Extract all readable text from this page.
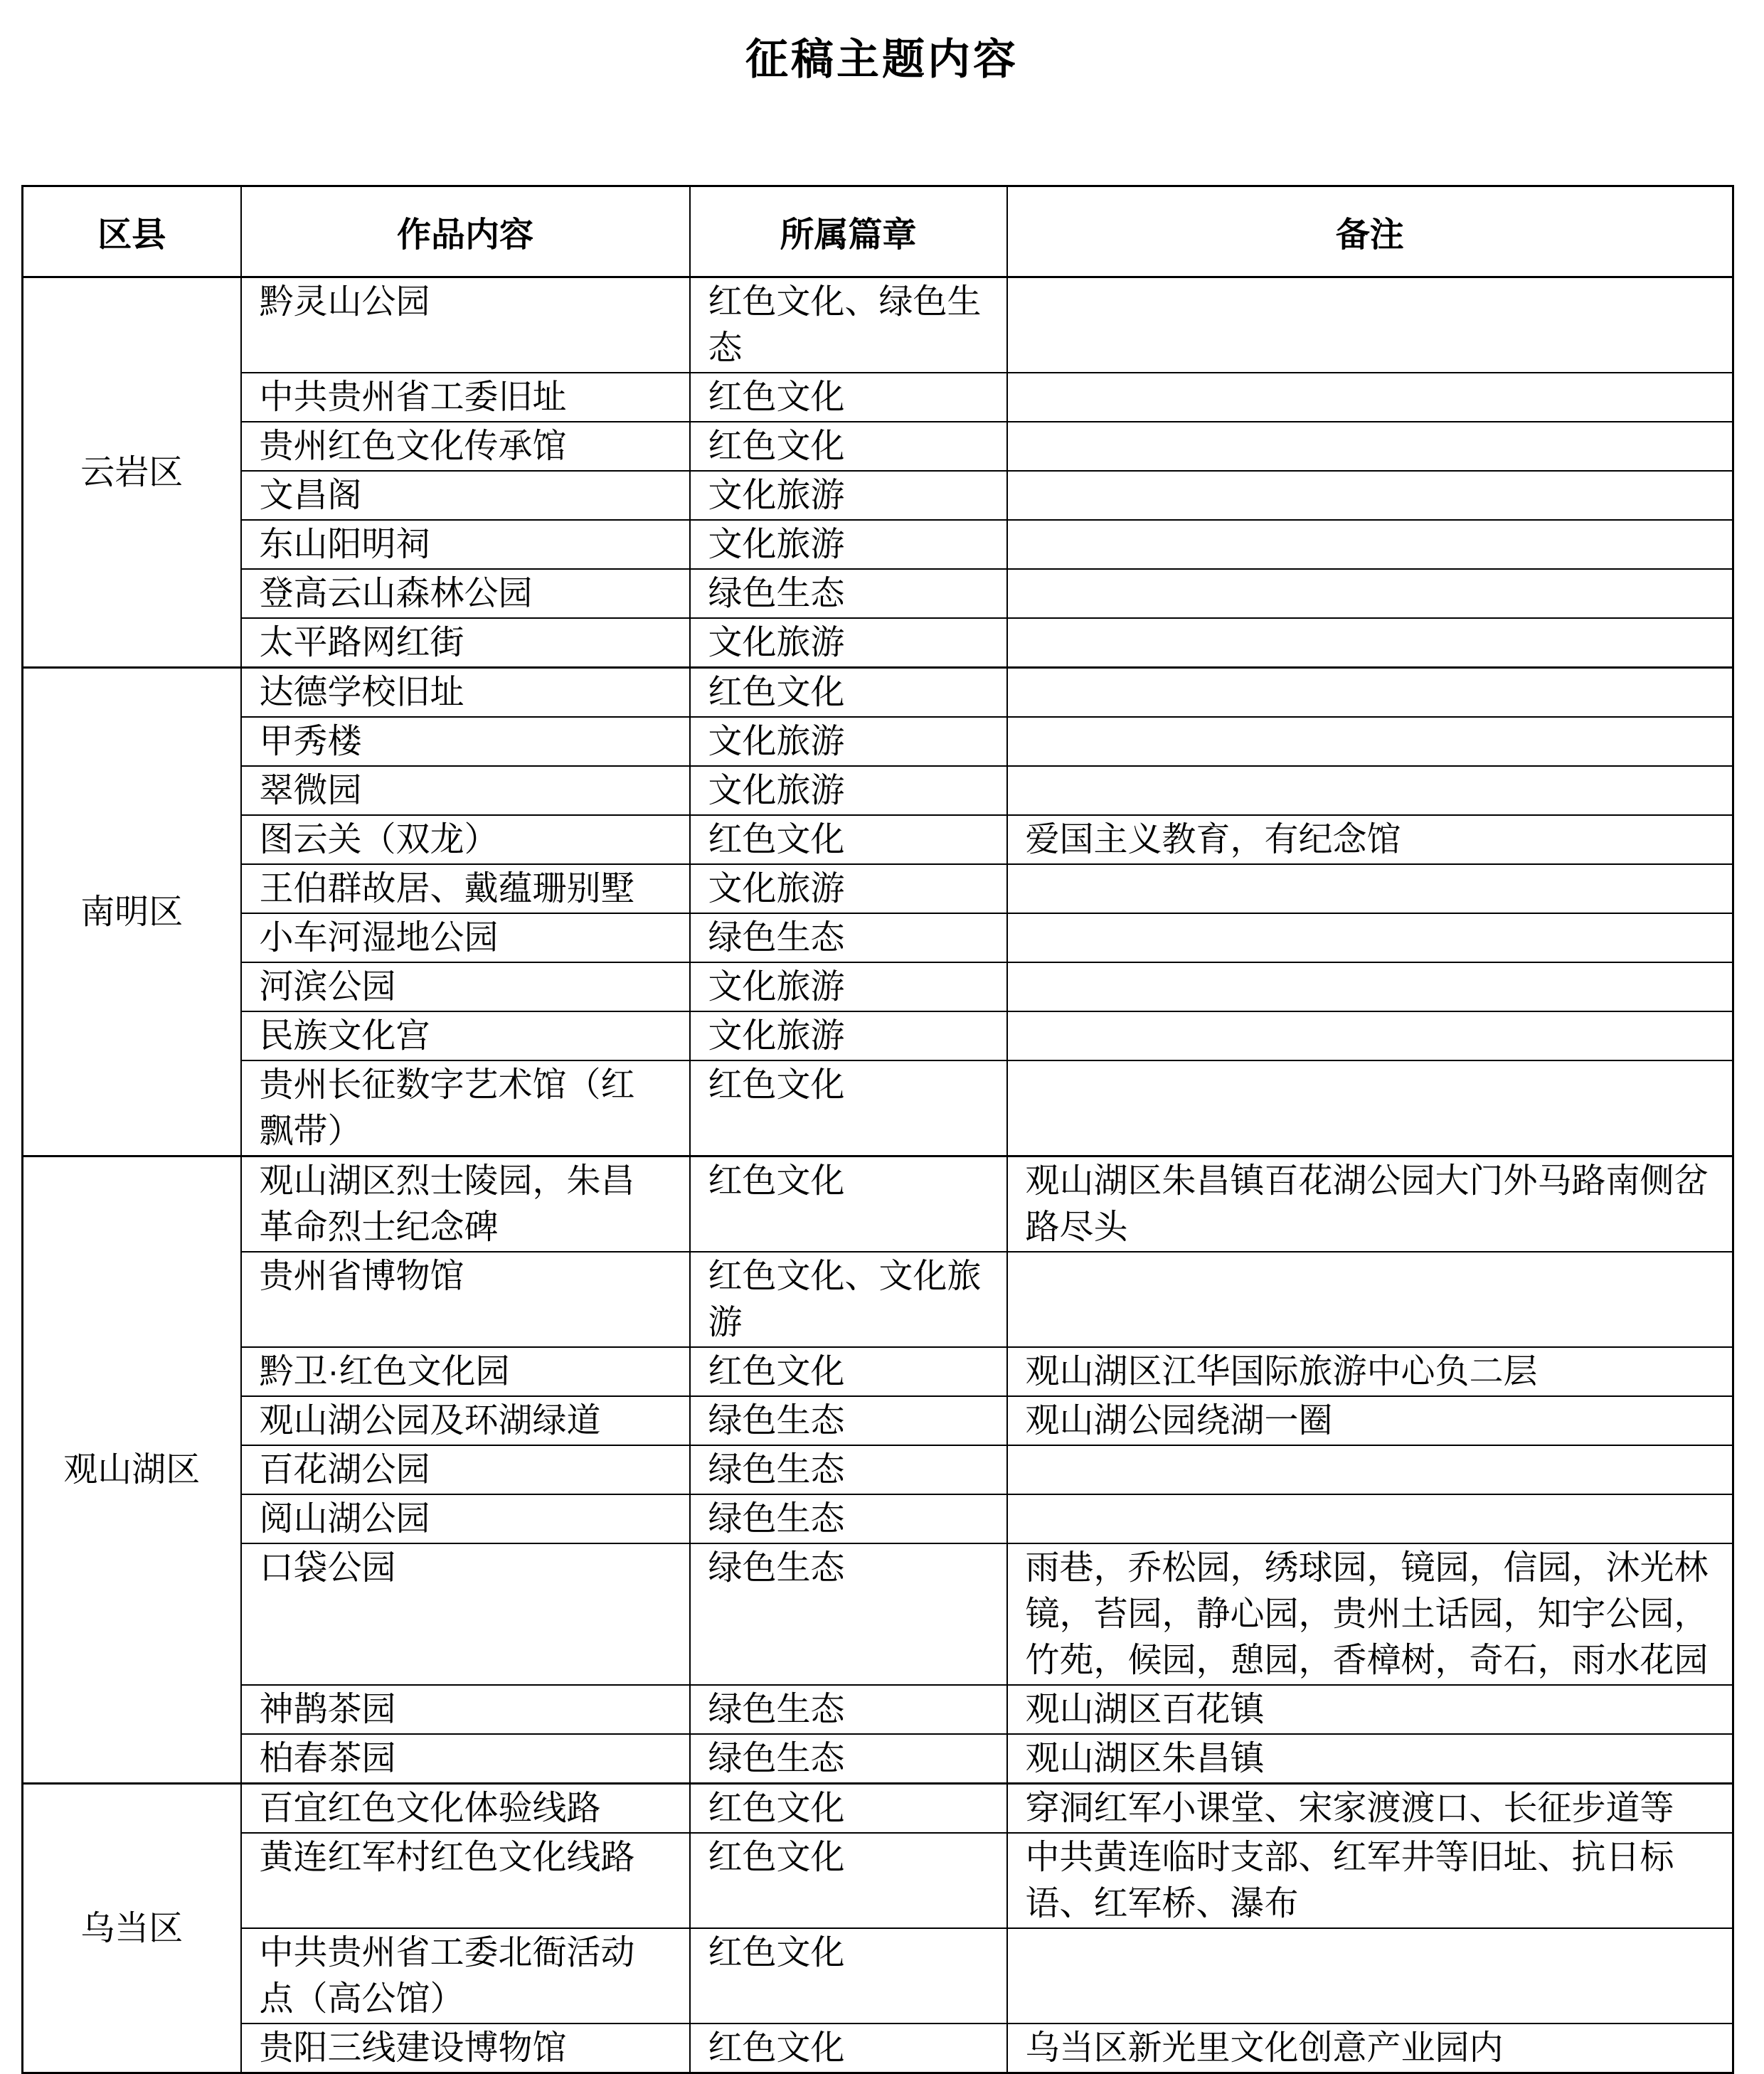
征稿主题内容
区县	作品内容	所属篇章	备注
云岩区	黔灵山公园	红色文化、绿色生态	
	中共贵州省工委旧址	红色文化	
	贵州红色文化传承馆	红色文化	
	文昌阁	文化旅游	
	东山阳明祠	文化旅游	
	登高云山森林公园	绿色生态	
	太平路网红街	文化旅游	
南明区	达德学校旧址	红色文化	
	甲秀楼	文化旅游	
	翠微园	文化旅游	
	图云关（双龙）	红色文化	爱国主义教育，有纪念馆
	王伯群故居、戴蕴珊别墅	文化旅游	
	小车河湿地公园	绿色生态	
	河滨公园	文化旅游	
	民族文化宫	文化旅游	
	贵州长征数字艺术馆（红飘带）	红色文化	
观山湖区	观山湖区烈士陵园，朱昌革命烈士纪念碑	红色文化	观山湖区朱昌镇百花湖公园大门外马路南侧岔路尽头
	贵州省博物馆	红色文化、文化旅游	
	黔卫·红色文化园	红色文化	观山湖区江华国际旅游中心负二层
	观山湖公园及环湖绿道	绿色生态	观山湖公园绕湖一圈
	百花湖公园	绿色生态	
	阅山湖公园	绿色生态	
	口袋公园	绿色生态	雨巷，乔松园，绣球园，镜园，信园，沐光林镜，苔园，静心园，贵州土话园，知宇公园，竹苑，候园，憩园，香樟树，奇石，雨水花园
	神鹊茶园	绿色生态	观山湖区百花镇
	柏春茶园	绿色生态	观山湖区朱昌镇
乌当区	百宜红色文化体验线路	红色文化	穿洞红军小课堂、宋家渡渡口、长征步道等
	黄连红军村红色文化线路	红色文化	中共黄连临时支部、红军井等旧址、抗日标语、红军桥、瀑布
	中共贵州省工委北衙活动点（高公馆）	红色文化	
	贵阳三线建设博物馆	红色文化	乌当区新光里文化创意产业园内
